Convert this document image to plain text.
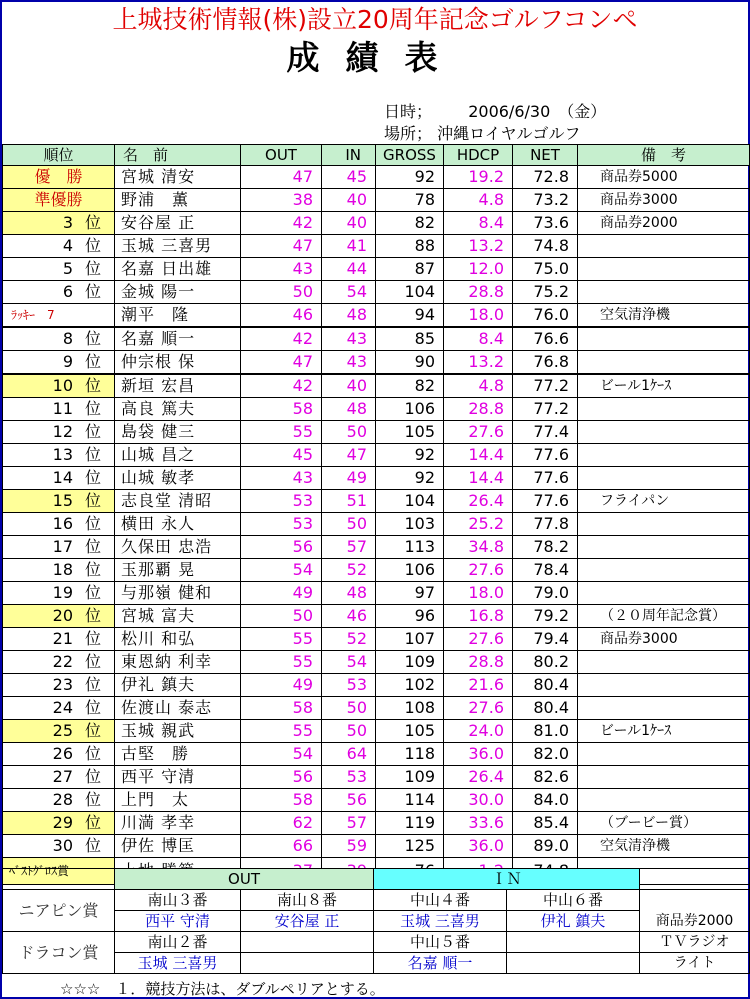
上城技術情報(株)設立20周年記念ゴルフコンペ
成績表
日時； 2006/6/30　（金）
場所； 沖縄ロイヤルゴルフ
順位	名　前	OUT	IN	GROSS	HDCP	NET	備　考
優　勝	宮城 清安	47	45	92	19.2	72.8	商品券5000
準優勝	野浦　薫	38	40	78	4.8	73.2	商品券3000
3 位	安谷屋 正	42	40	82	8.4	73.6	商品券2000
4 位	玉城 三喜男	47	41	88	13.2	74.8	
5 位	名嘉 日出雄	43	44	87	12.0	75.0	
6 位	金城 陽一	50	54	104	28.8	75.2	
ﾗｯｷｰ　7	潮平　隆	46	48	94	18.0	76.0	空気清浄機
8 位	名嘉 順一	42	43	85	8.4	76.6	
9 位	仲宗根 保	47	43	90	13.2	76.8	
10 位	新垣 宏昌	42	40	82	4.8	77.2	ビール1ｹｰｽ
11 位	高良 篤夫	58	48	106	28.8	77.2	
12 位	島袋 健三	55	50	105	27.6	77.4	
13 位	山城 昌之	45	47	92	14.4	77.6	
14 位	山城 敏孝	43	49	92	14.4	77.6	
15 位	志良堂 清昭	53	51	104	26.4	77.6	フライパン
16 位	横田 永人	53	50	103	25.2	77.8	
17 位	久保田 忠浩	56	57	113	34.8	78.2	
18 位	玉那覇 晃	54	52	106	27.6	78.4	
19 位	与那嶺 健和	49	48	97	18.0	79.0	
20 位	宮城 富夫	50	46	96	16.8	79.2	（２０周年記念賞）
21 位	松川 和弘	55	52	107	27.6	79.4	商品券3000
22 位	東恩納 利幸	55	54	109	28.8	80.2	
23 位	伊礼 鎮夫	49	53	102	21.6	80.4	
24 位	佐渡山 泰志	58	50	108	27.6	80.4	
25 位	玉城 親武	55	50	105	24.0	81.0	ビール1ｹｰｽ
26 位	古堅　勝	54	64	118	36.0	82.0	
27 位	西平 守清	56	53	109	26.4	82.6	
28 位	上門　太	58	56	114	30.0	84.0	
29 位	川満 孝幸	62	57	119	33.6	85.4	（ブービー賞）
30 位	伊佐 博匡	66	59	125	36.0	89.0	空気清浄機
ﾍﾞｽﾄｸﾞﾛｽ賞							
		OUT		ＩＮ		
ニアピン賞	南山３番	南山８番	中山４番	中山６番	商品券2000
	西平 守清	安谷屋 正	玉城 三喜男	伊礼 鎮夫	
ドラコン賞	南山２番		中山５番		ＴＶラジオ
	玉城 三喜男		名嘉 順一		ライト
☆☆☆　１．競技方法は、ダブルペリアとする。
